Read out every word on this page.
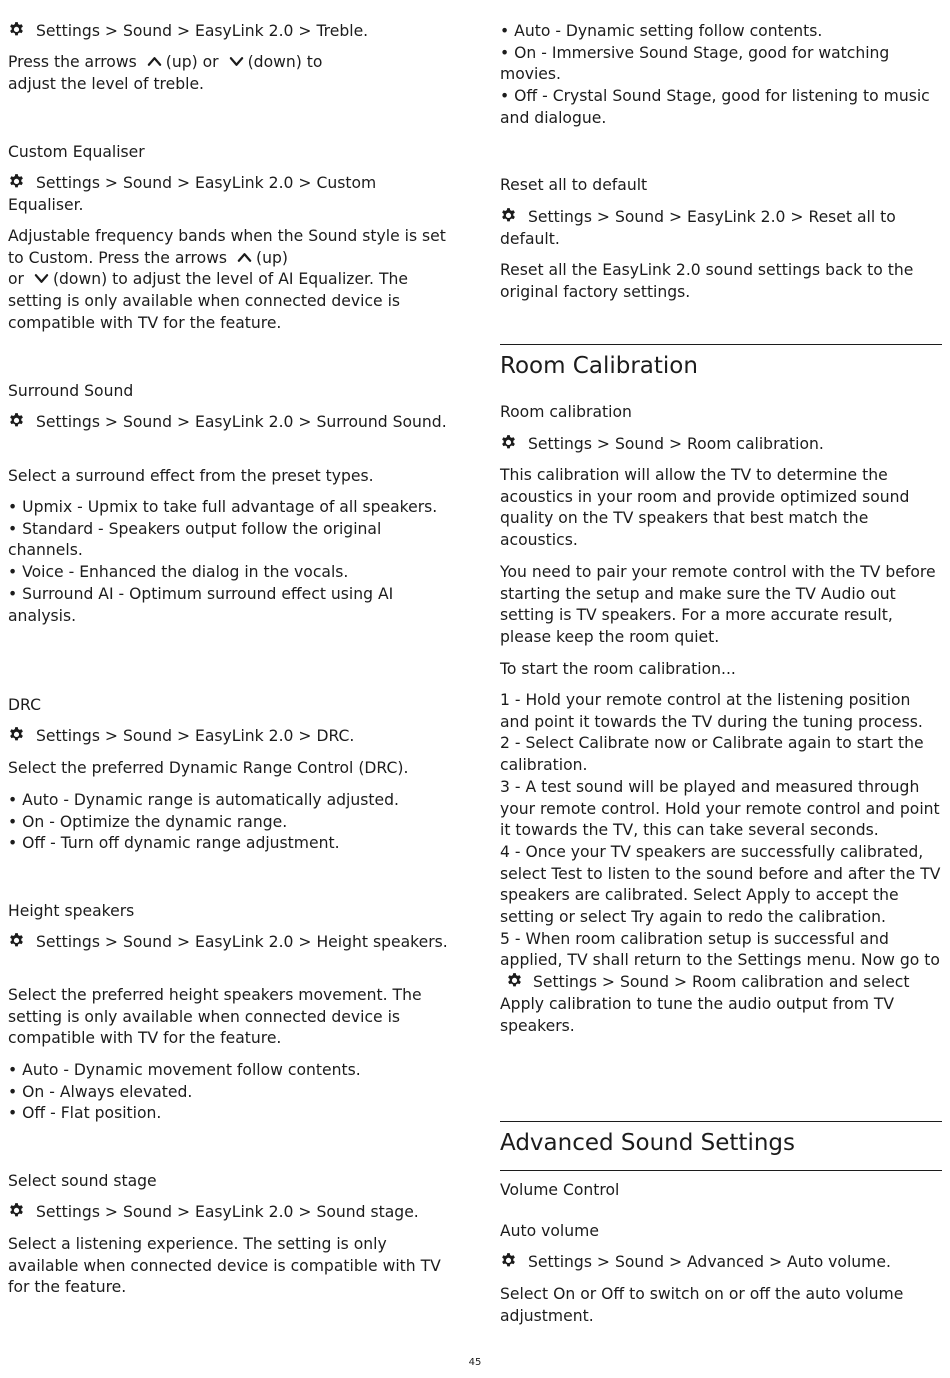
Settings > Sound > EasyLink 2.0 > Treble.

Press the arrows (up) or (down) to
adjust the level of treble.

Custom Equaliser

Settings > Sound > EasyLink 2.0 > Custom Equaliser.

Adjustable frequency bands when the Sound style is set to Custom. Press the arrows (up)
or (down) to adjust the level of AI Equalizer. The setting is only available when connected device is compatible with TV for the feature.

Surround Sound

Settings > Sound > EasyLink 2.0 > Surround Sound.

Select a surround effect from the preset types.

• Upmix - Upmix to take full advantage of all speakers.
• Standard - Speakers output follow the original channels.
• Voice - Enhanced the dialog in the vocals.
• Surround AI - Optimum surround effect using AI analysis.
DRC

Settings > Sound > EasyLink 2.0 > DRC.

Select the preferred Dynamic Range Control (DRC).

• Auto - Dynamic range is automatically adjusted.
• On - Optimize the dynamic range.
• Off - Turn off dynamic range adjustment.
Height speakers

Settings > Sound > EasyLink 2.0 > Height speakers.

Select the preferred height speakers movement. The setting is only available when connected device is compatible with TV for the feature.

• Auto - Dynamic movement follow contents.
• On - Always elevated.
• Off - Flat position.
Select sound stage

Settings > Sound > EasyLink 2.0 > Sound stage.

Select a listening experience. The setting is only available when connected device is compatible with TV for the feature.

• Auto - Dynamic setting follow contents.
• On - Immersive Sound Stage, good for watching movies.
• Off - Crystal Sound Stage, good for listening to music and dialogue.
Reset all to default

Settings > Sound > EasyLink 2.0 > Reset all to default.

Reset all the EasyLink 2.0 sound settings back to the original factory settings.

Room Calibration
Room calibration

Settings > Sound > Room calibration.

This calibration will allow the TV to determine the acoustics in your room and provide optimized sound quality on the TV speakers that best match the acoustics.

You need to pair your remote control with the TV before starting the setup and make sure the TV Audio out setting is TV speakers. For a more accurate result, please keep the room quiet.

To start the room calibration...

1 - Hold your remote control at the listening position and point it towards the TV during the tuning process.
2 - Select Calibrate now or Calibrate again to start the calibration.
3 - A test sound will be played and measured through your remote control. Hold your remote control and point it towards the TV, this can take several seconds.
4 - Once your TV speakers are successfully calibrated, select Test to listen to the sound before and after the TV speakers are calibrated. Select Apply to accept the setting or select Try again to redo the calibration.
5 - When room calibration setup is successful and applied, TV shall return to the Settings menu. Now go toSettings > Sound > Room calibration and select Apply calibration to tune the audio output from TV speakers.
Advanced Sound Settings
Volume Control
Auto volume

Settings > Sound > Advanced > Auto volume.

Select On or Off to switch on or off the auto volume adjustment.

45
